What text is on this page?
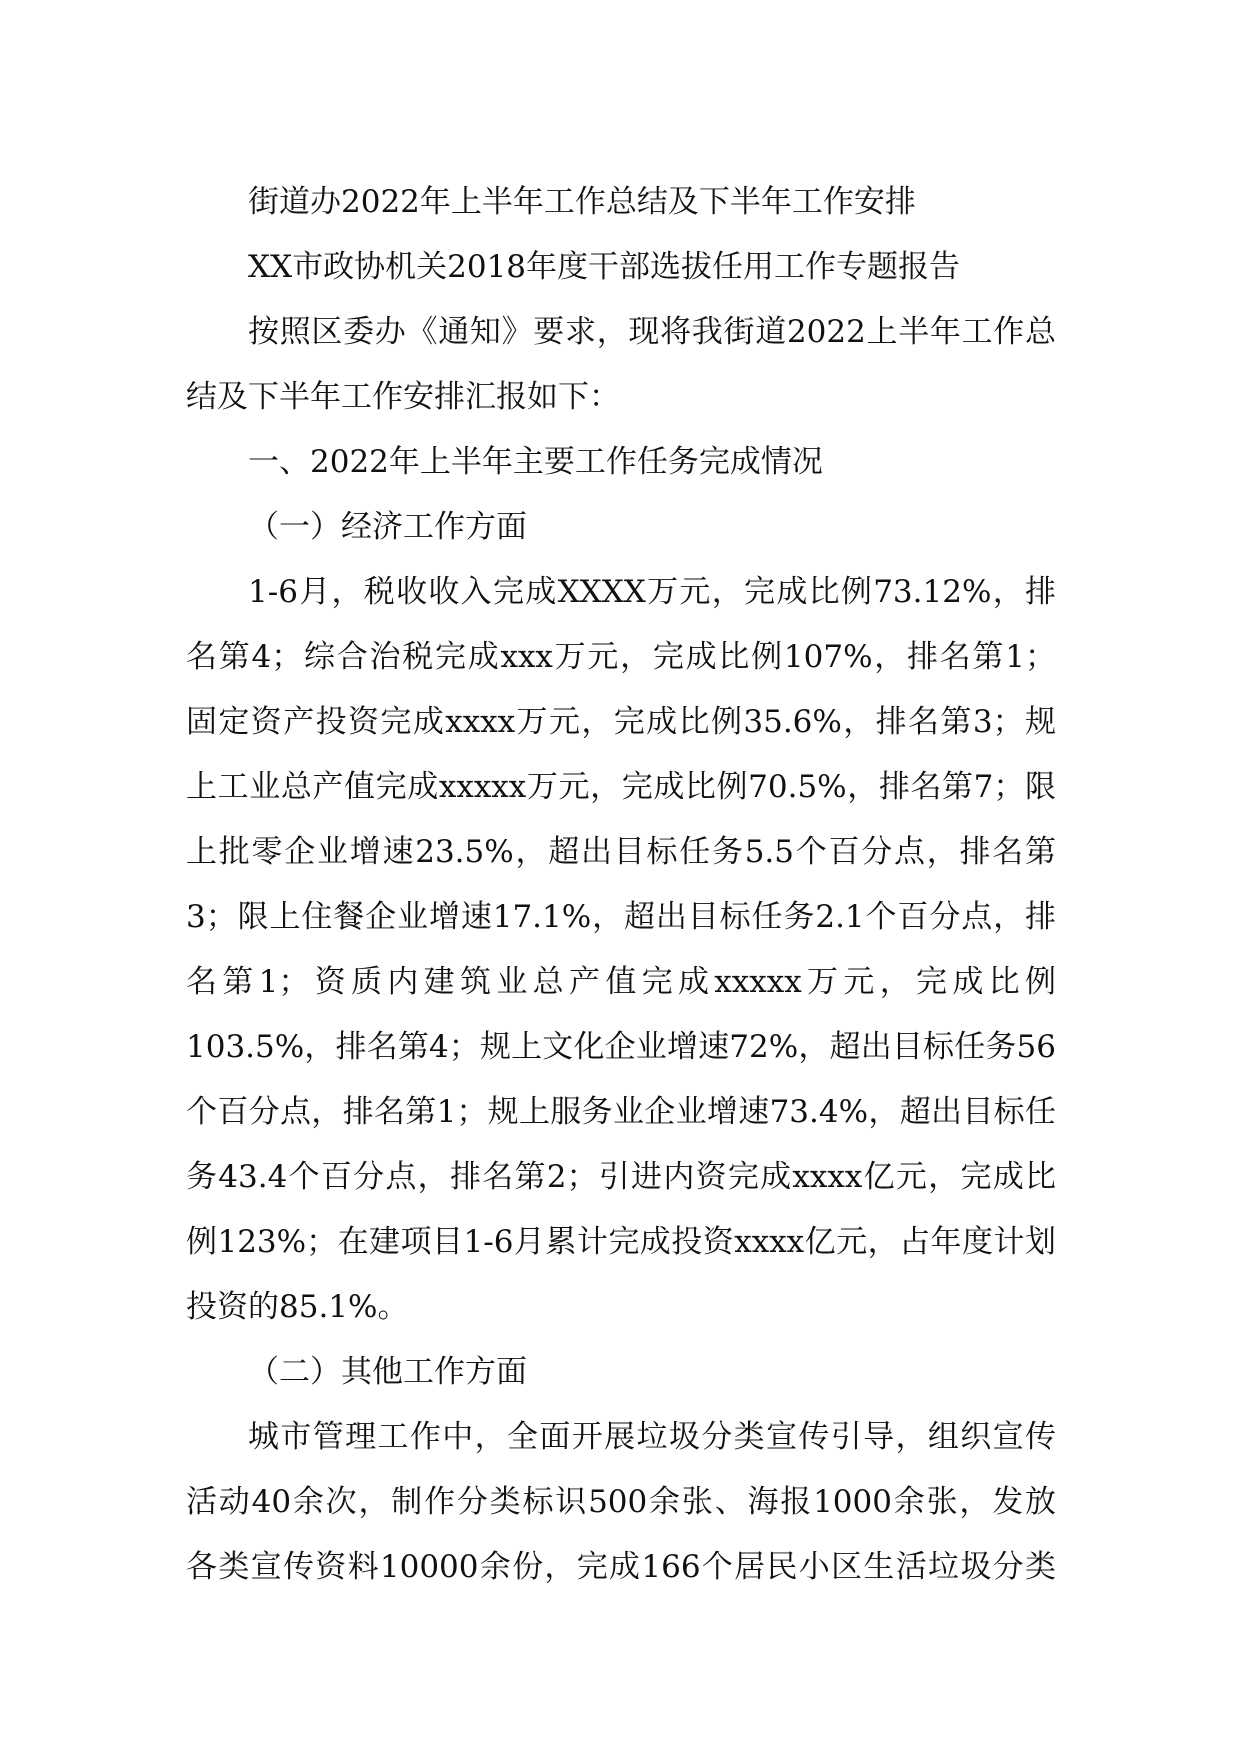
街道办2022年上半年工作总结及下半年工作安排

XX市政协机关2018年度干部选拔任用工作专题报告

按照区委办《通知》要求，现将我街道2022上半年工作总

结及下半年工作安排汇报如下：

一、2022年上半年主要工作任务完成情况

（一）经济工作方面

1-6月，税收收入完成XXXX万元，完成比例73.12%，排

名第4；综合治税完成xxx万元，完成比例107%，排名第1；

固定资产投资完成xxxx万元，完成比例35.6%，排名第3；规

上工业总产值完成xxxxx万元，完成比例70.5%，排名第7；限

上批零企业增速23.5%，超出目标任务5.5个百分点，排名第

3；限上住餐企业增速17.1%，超出目标任务2.1个百分点，排

名第1；资质内建筑业总产值完成xxxxx万元，完成比例

103.5%，排名第4；规上文化企业增速72%，超出目标任务56

个百分点，排名第1；规上服务业企业增速73.4%，超出目标任

务43.4个百分点，排名第2；引进内资完成xxxx亿元，完成比

例123%；在建项目1-6月累计完成投资xxxx亿元，占年度计划

投资的85.1%。

（二）其他工作方面

城市管理工作中，全面开展垃圾分类宣传引导，组织宣传

活动40余次，制作分类标识500余张、海报1000余张，发放

各类宣传资料10000余份，完成166个居民小区生活垃圾分类
